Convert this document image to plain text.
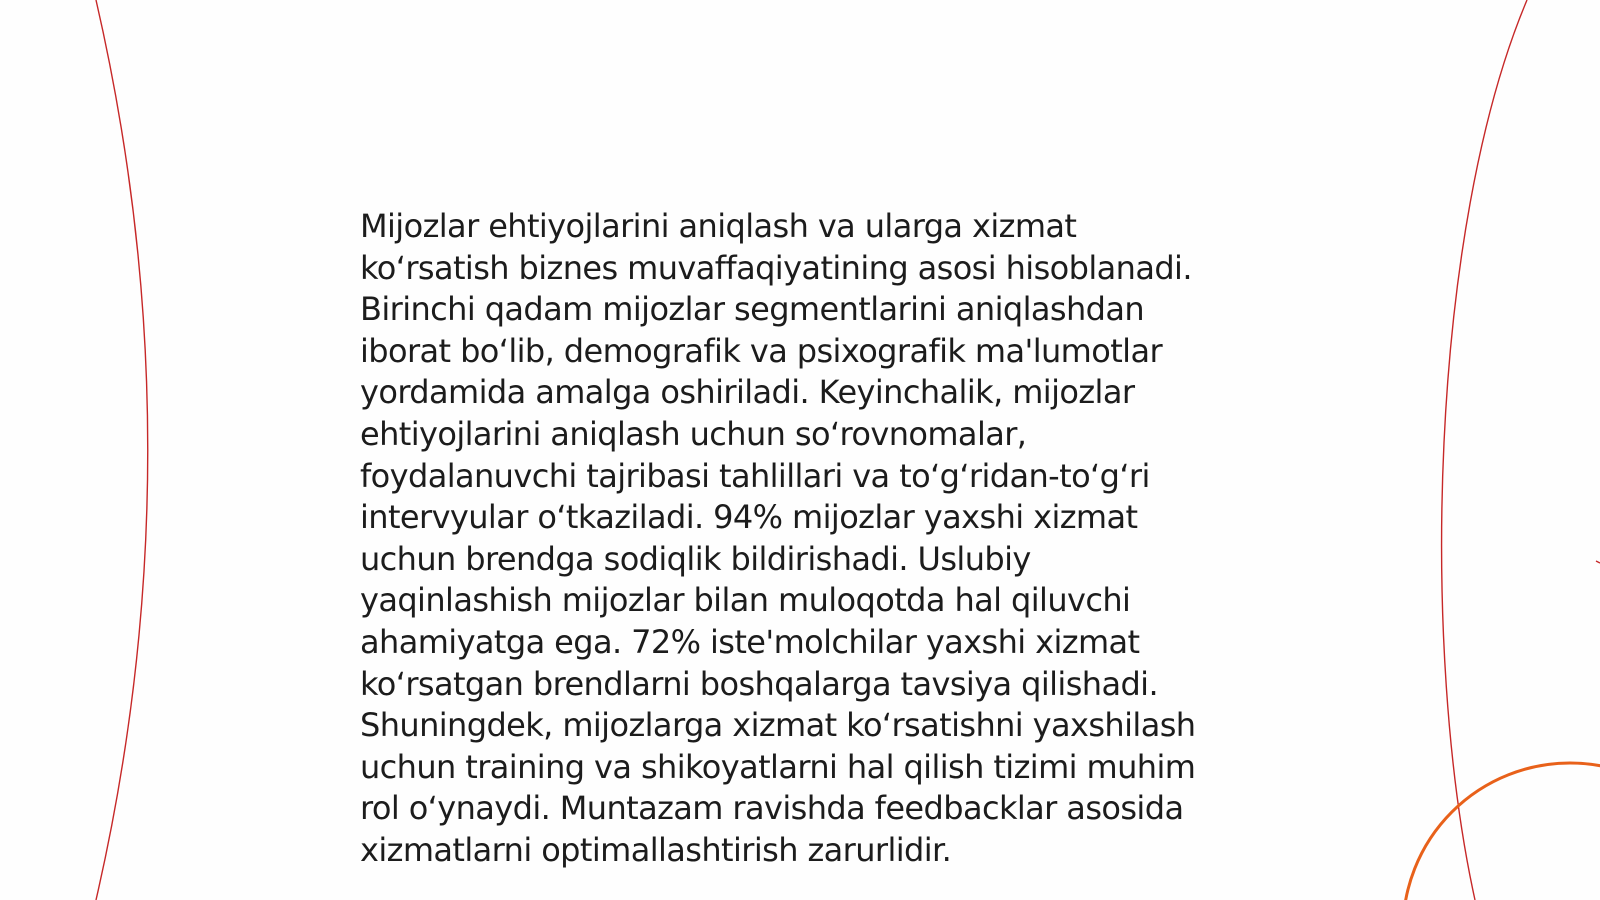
Mijozlar ehtiyojlarini aniqlash va ularga xizmat
ko‘rsatish biznes muvaffaqiyatining asosi hisoblanadi.
Birinchi qadam mijozlar segmentlarini aniqlashdan
iborat bo‘lib, demografik va psixografik ma'lumotlar
yordamida amalga oshiriladi. Keyinchalik, mijozlar
ehtiyojlarini aniqlash uchun so‘rovnomalar,
foydalanuvchi tajribasi tahlillari va to‘g‘ridan-to‘g‘ri
intervyular o‘tkaziladi. 94% mijozlar yaxshi xizmat
uchun brendga sodiqlik bildirishadi. Uslubiy
yaqinlashish mijozlar bilan muloqotda hal qiluvchi
ahamiyatga ega. 72% iste'molchilar yaxshi xizmat
ko‘rsatgan brendlarni boshqalarga tavsiya qilishadi.
Shuningdek, mijozlarga xizmat ko‘rsatishni yaxshilash
uchun training va shikoyatlarni hal qilish tizimi muhim
rol o‘ynaydi. Muntazam ravishda feedbacklar asosida
xizmatlarni optimallashtirish zarurlidir.
